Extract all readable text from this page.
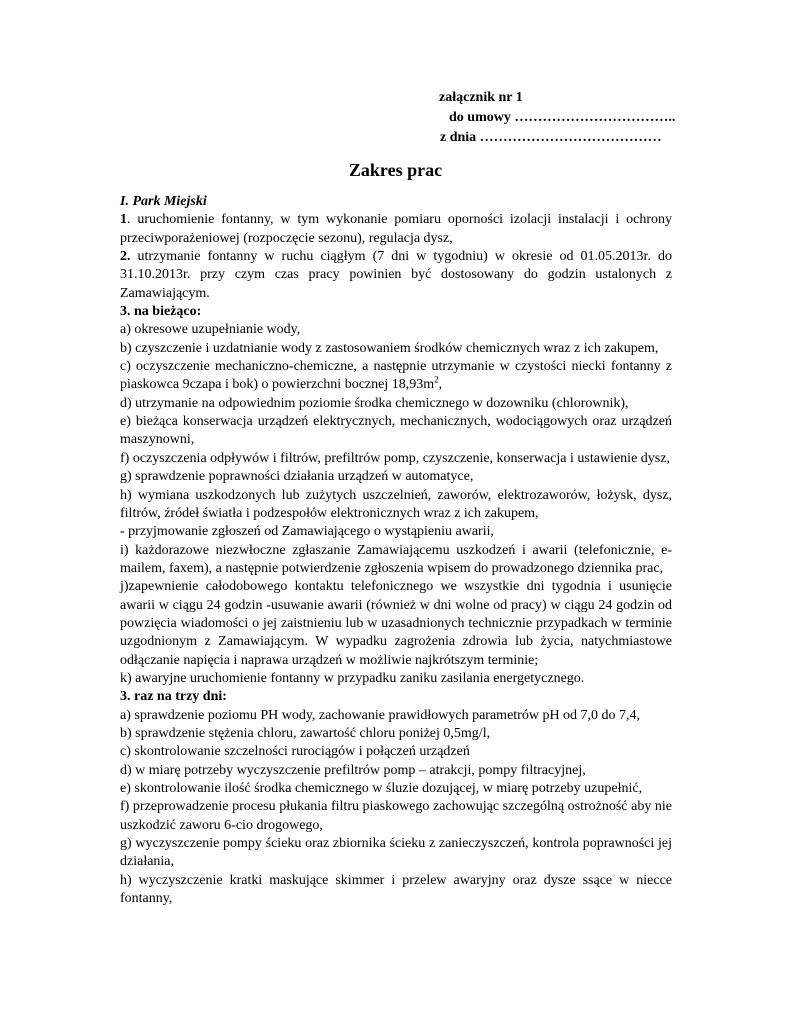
załącznik nr 1
do umowy ……………………………..
z dnia …………………………………
Zakres prac

I. Park Miejski

1. uruchomienie fontanny, w tym wykonanie pomiaru oporności izolacji instalacji i ochrony przeciwporażeniowej (rozpoczęcie sezonu), regulacja dysz,

2. utrzymanie fontanny w ruchu ciągłym (7 dni w tygodniu) w okresie od 01.05.2013r. do 31.10.2013r. przy czym czas pracy powinien być dostosowany do godzin ustalonych z Zamawiającym.

3. na bieżąco:

a) okresowe uzupełnianie wody,

b) czyszczenie i uzdatnianie wody z zastosowaniem środków chemicznych wraz z ich zakupem,

c) oczyszczenie mechaniczno-chemiczne, a następnie utrzymanie w czystości niecki fontanny z piaskowca 9czapa i bok) o powierzchni bocznej $18,93m^2$,

d) utrzymanie na odpowiednim poziomie środka chemicznego w dozowniku (chlorownik),

e) bieżąca konserwacja urządzeń elektrycznych, mechanicznych, wodociągowych oraz urządzeń maszynowni,

f) oczyszczenia odpływów i filtrów, prefiltrów pomp, czyszczenie, konserwacja i ustawienie dysz,

g) sprawdzenie poprawności działania urządzeń w automatyce,

h) wymiana uszkodzonych lub zużytych uszczelnień, zaworów, elektrozaworów, łożysk, dysz, filtrów, źródeł światła i podzespołów elektronicznych wraz z ich zakupem,

- przyjmowanie zgłoszeń od Zamawiającego o wystąpieniu awarii,

i) każdorazowe niezwłoczne zgłaszanie Zamawiającemu uszkodzeń i awarii (telefonicznie, e-mailem, faxem), a następnie potwierdzenie zgłoszenia wpisem do prowadzonego dziennika prac,

j)zapewnienie całodobowego kontaktu telefonicznego we wszystkie dni tygodnia i usunięcie awarii w ciągu 24 godzin -usuwanie awarii (również w dni wolne od pracy) w ciągu 24 godzin od powzięcia wiadomości o jej zaistnieniu lub w uzasadnionych technicznie przypadkach w terminie uzgodnionym z Zamawiającym. W wypadku zagrożenia zdrowia lub życia, natychmiastowe odłączanie napięcia i naprawa urządzeń w możliwie najkrótszym terminie;

k) awaryjne uruchomienie fontanny w przypadku zaniku zasilania energetycznego.

3. raz na trzy dni:

a) sprawdzenie poziomu PH wody, zachowanie prawidłowych parametrów pH od 7,0 do 7,4,

b) sprawdzenie stężenia chloru, zawartość chloru poniżej 0,5mg/l,

c) skontrolowanie szczelności rurociągów i połączeń urządzeń

d) w miarę potrzeby wyczyszczenie prefiltrów pomp – atrakcji, pompy filtracyjnej,

e) skontrolowanie ilość środka chemicznego w śluzie dozującej, w miarę potrzeby uzupełnić,

f) przeprowadzenie procesu płukania filtru piaskowego zachowując szczególną ostrożność aby nie uszkodzić zaworu 6-cio drogowego,

g) wyczyszczenie pompy ścieku oraz zbiornika ścieku z zanieczyszczeń, kontrola poprawności jej działania,

h) wyczyszczenie kratki maskujące skimmer i przelew awaryjny oraz dysze ssące w niecce fontanny,
